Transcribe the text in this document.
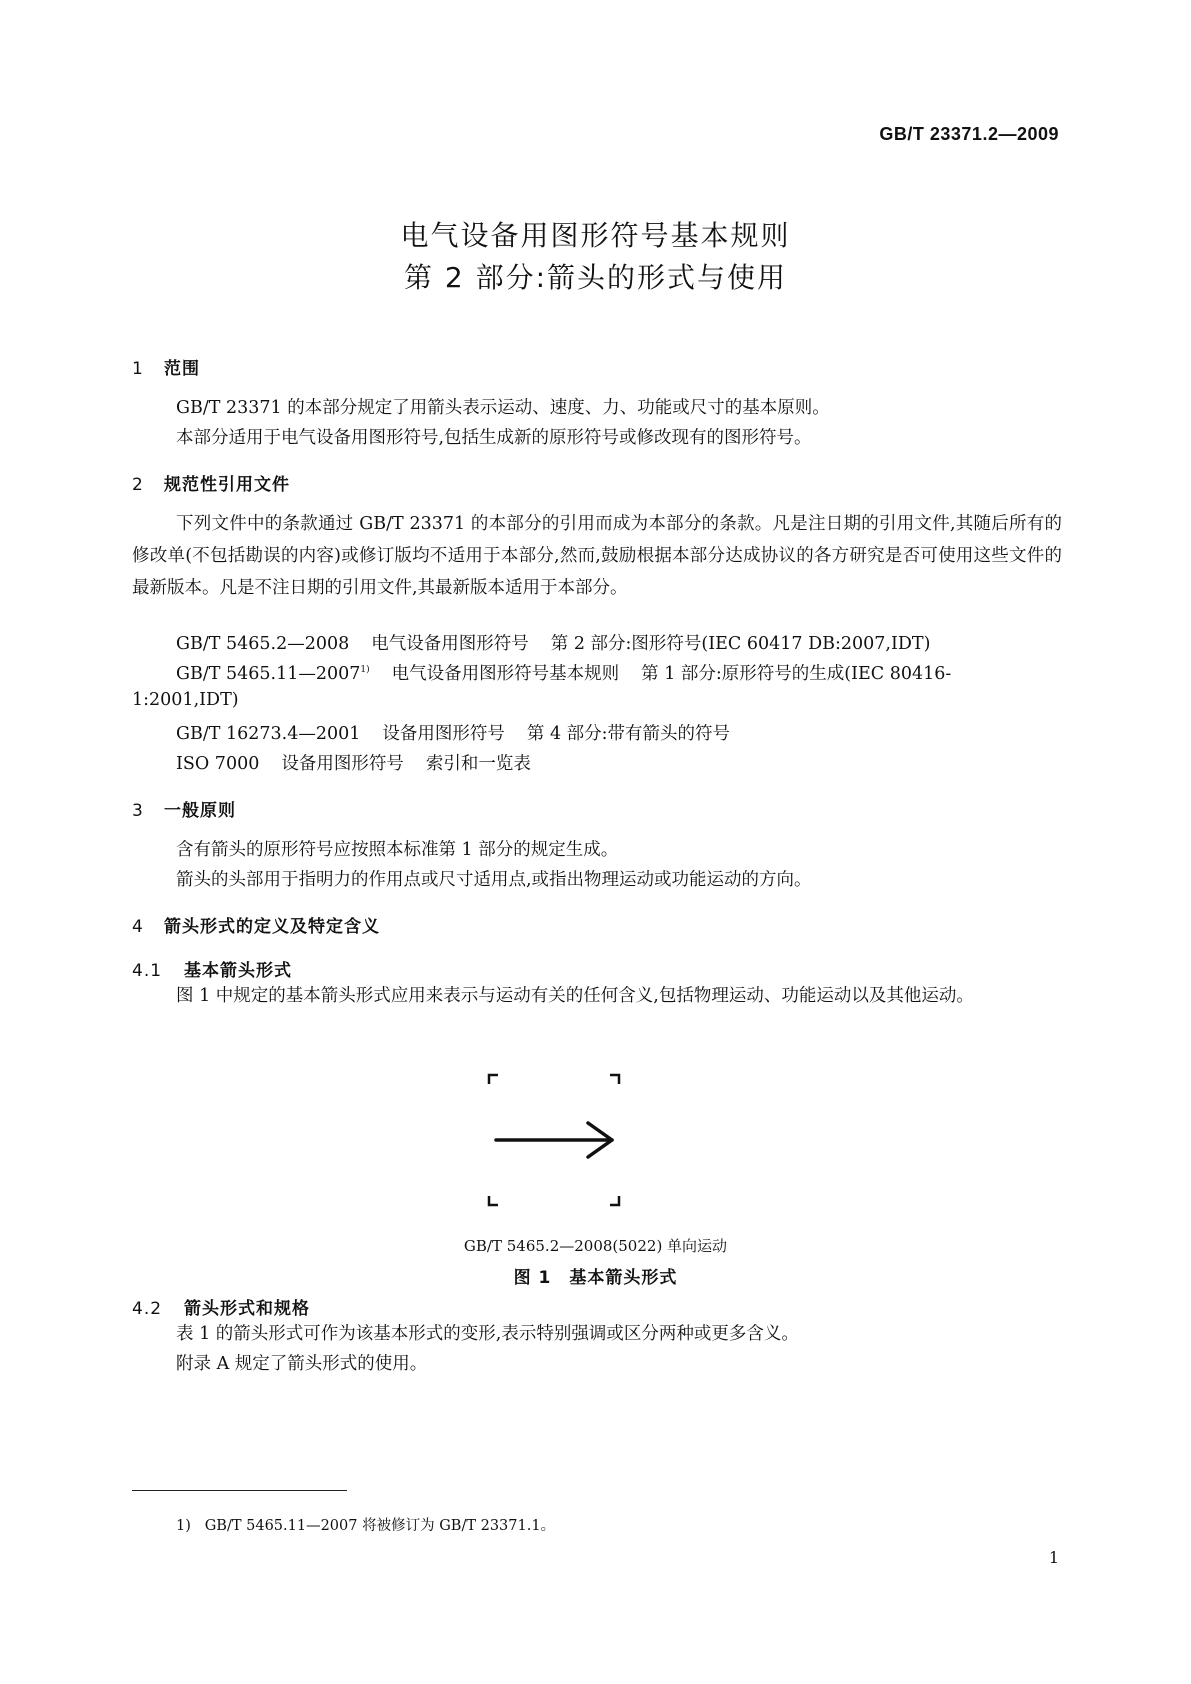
GB/T 23371.2—2009
电气设备用图形符号基本规则
第 2 部分:箭头的形式与使用
1 范围
GB/T 23371 的本部分规定了用箭头表示运动、速度、力、功能或尺寸的基本原则。
本部分适用于电气设备用图形符号,包括生成新的原形符号或修改现有的图形符号。
2 规范性引用文件
下列文件中的条款通过 GB/T 23371 的本部分的引用而成为本部分的条款。凡是注日期的引用文件,其随后所有的修改单(不包括勘误的内容)或修订版均不适用于本部分,然而,鼓励根据本部分达成协议的各方研究是否可使用这些文件的最新版本。凡是不注日期的引用文件,其最新版本适用于本部分。
GB/T 5465.2—2008 电气设备用图形符号 第 2 部分:图形符号(IEC 60417 DB:2007,IDT)
GB/T 5465.11—2007$^{1)}$ 电气设备用图形符号基本规则 第 1 部分:原形符号的生成(IEC 80416-
1:2001,IDT)
GB/T 16273.4—2001 设备用图形符号 第 4 部分:带有箭头的符号
ISO 7000 设备用图形符号 索引和一览表
3 一般原则
含有箭头的原形符号应按照本标准第 1 部分的规定生成。
箭头的头部用于指明力的作用点或尺寸适用点,或指出物理运动或功能运动的方向。
4 箭头形式的定义及特定含义
4.1 基本箭头形式
图 1 中规定的基本箭头形式应用来表示与运动有关的任何含义,包括物理运动、功能运动以及其他运动。
GB/T 5465.2—2008(5022) 单向运动
图 1　基本箭头形式
4.2 箭头形式和规格
表 1 的箭头形式可作为该基本形式的变形,表示特别强调或区分两种或更多含义。
附录 A 规定了箭头形式的使用。
1) GB/T 5465.11—2007 将被修订为 GB/T 23371.1。
1
